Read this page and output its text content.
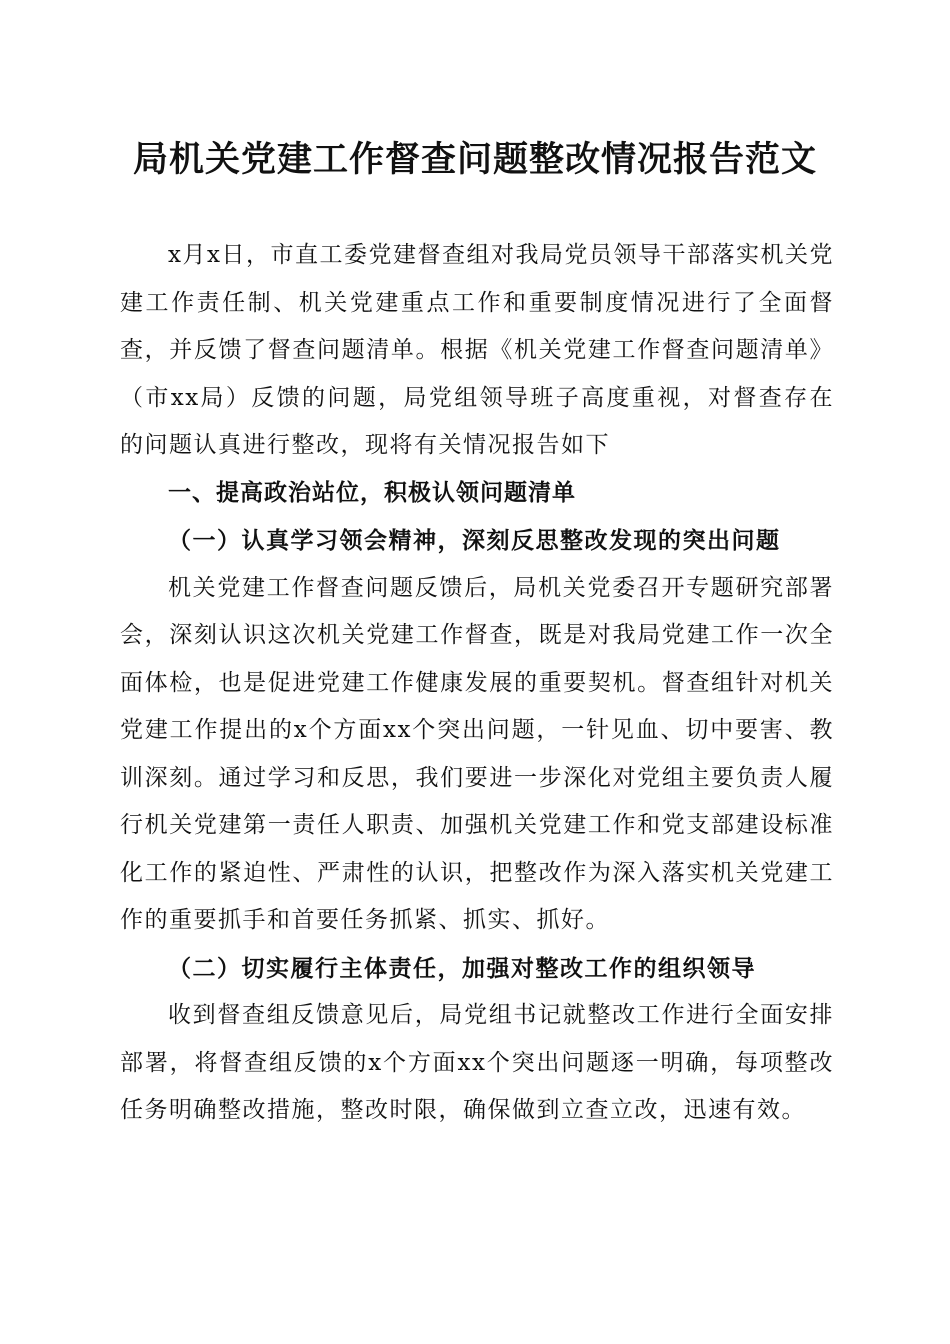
局机关党建工作督查问题整改情况报告范文

x月x日，市直工委党建督查组对我局党员领导干部落实机关党建工作责任制、机关党建重点工作和重要制度情况进行了全面督查，并反馈了督查问题清单。根据《机关党建工作督查问题清单》（市xx局）反馈的问题，局党组领导班子高度重视，对督查存在的问题认真进行整改，现将有关情况报告如下

一、提高政治站位，积极认领问题清单

（一）认真学习领会精神，深刻反思整改发现的突出问题

机关党建工作督查问题反馈后，局机关党委召开专题研究部署会，深刻认识这次机关党建工作督查，既是对我局党建工作一次全面体检，也是促进党建工作健康发展的重要契机。督查组针对机关党建工作提出的x个方面xx个突出问题，一针见血、切中要害、教训深刻。通过学习和反思，我们要进一步深化对党组主要负责人履行机关党建第一责任人职责、加强机关党建工作和党支部建设标准化工作的紧迫性、严肃性的认识，把整改作为深入落实机关党建工作的重要抓手和首要任务抓紧、抓实、抓好。

（二）切实履行主体责任，加强对整改工作的组织领导

收到督查组反馈意见后，局党组书记就整改工作进行全面安排部署，将督查组反馈的x个方面xx个突出问题逐一明确，每项整改任务明确整改措施，整改时限，确保做到立查立改，迅速有效。
